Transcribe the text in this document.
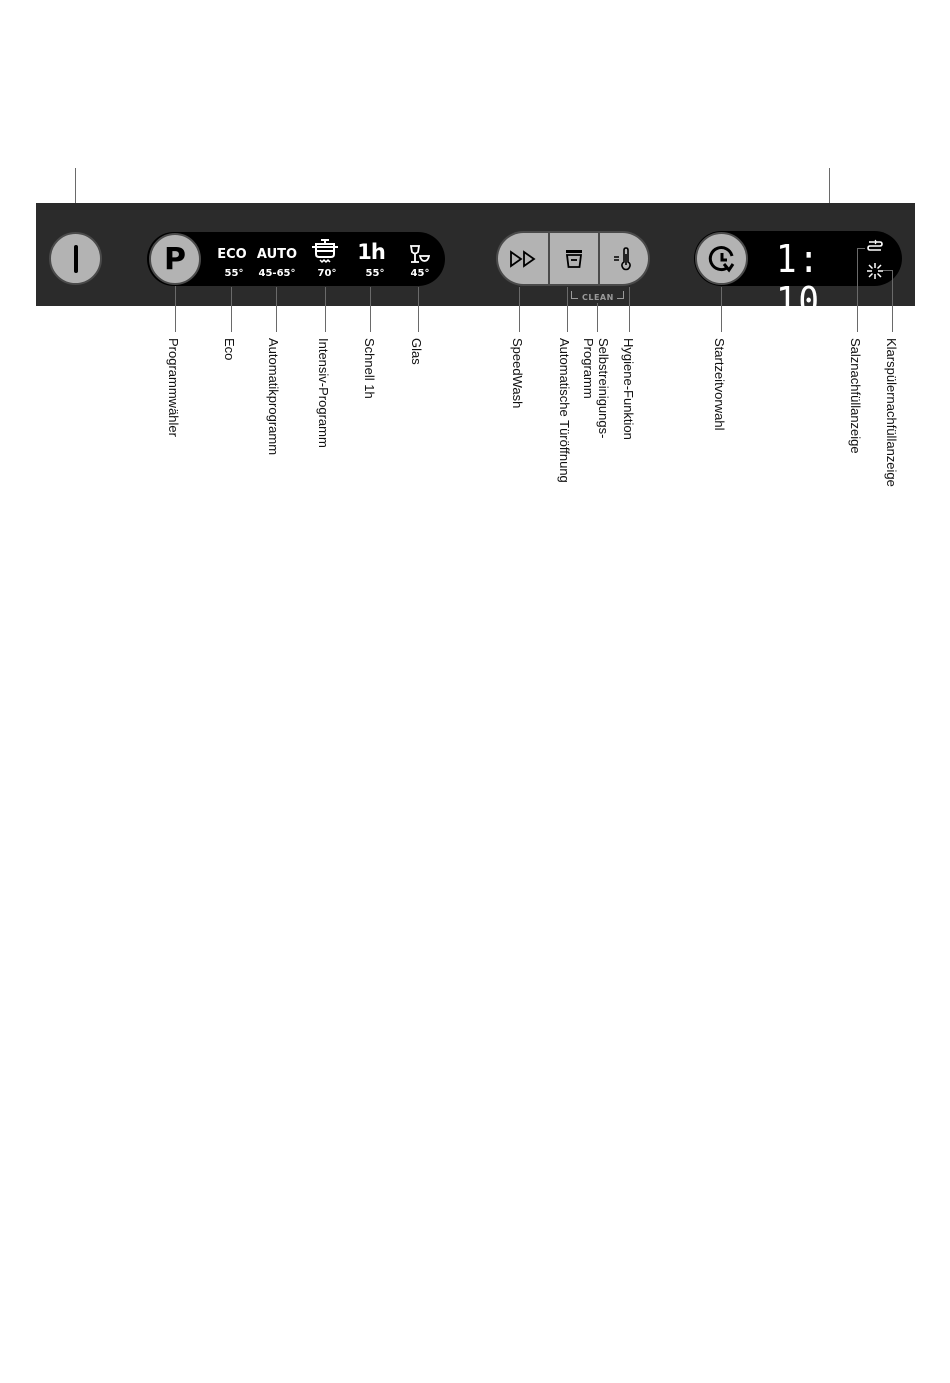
P	ECO
55°
AUTO
45-65°	70°
1h
55°	45°
CLEAN
1: 10
Programmwähler	Eco Automatikprogramm	Intensiv-Programm Schnell 1h Glas	SpeedWash Automatische Türöffnung	Selbstreinigungs-
Programm	Hygiene-Funktion	Startzeitvorwahl	Salznachfüllanzeige Klarspülernachfüllanzeige
